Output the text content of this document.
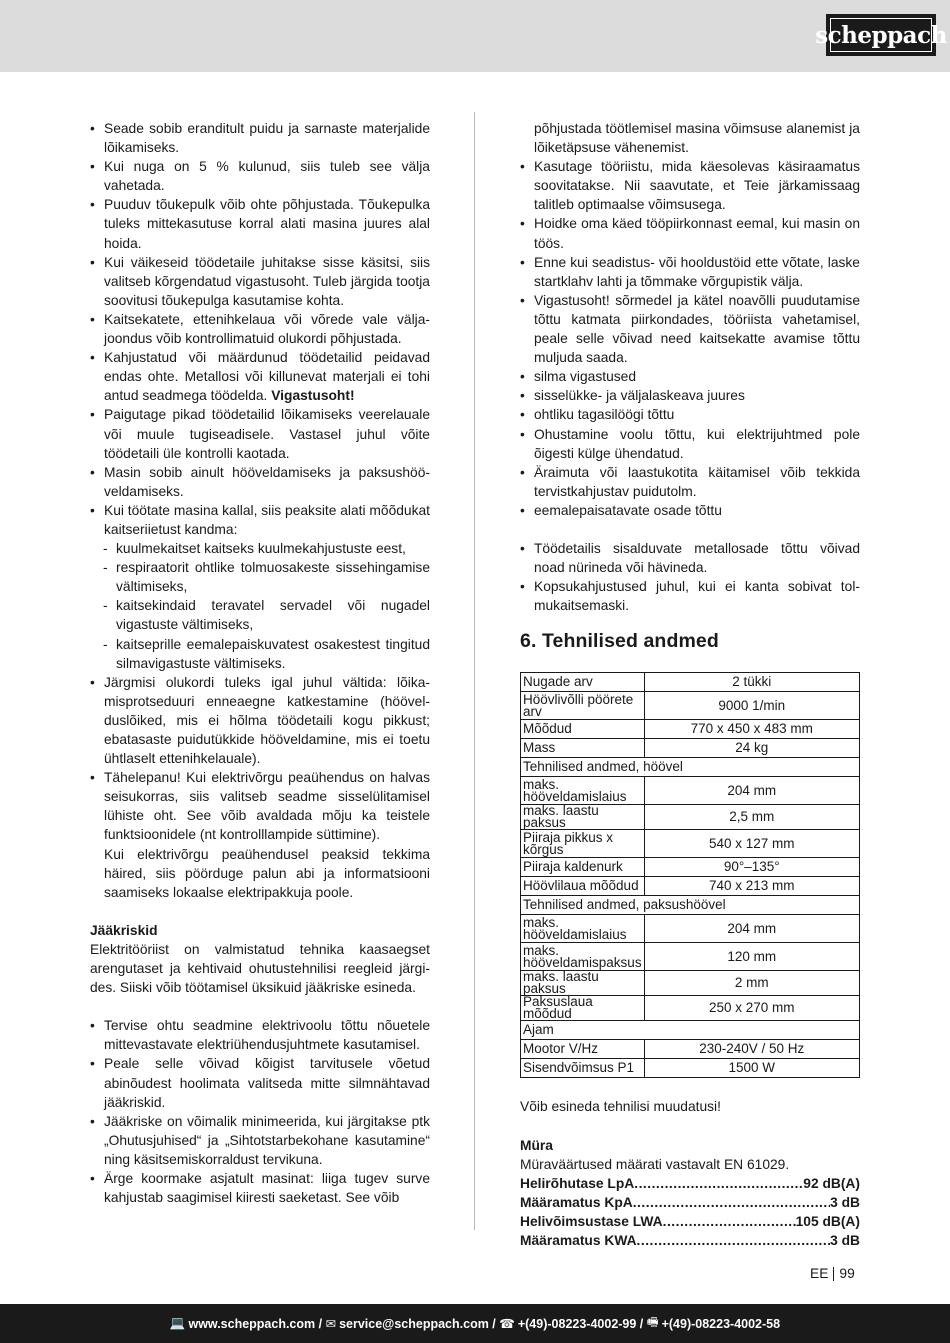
scheppach
• Seade sobib eranditult puidu ja sarnaste materjalide lõikamiseks.
• Kui nuga on 5 % kulunud, siis tuleb see välja vahetada.
• Puuduv tõukepulk võib ohte põhjustada. Tõukepulka tuleks mittekasutuse korral alati masina juures alal hoida.
• Kui väikeseid töödetaile juhitakse sisse käsitsi, siis valitseb kõrgendatud vigastusoht. Tuleb järgida tootja soovitusi tõukepulga kasutamise kohta.
• Kaitsekatete, ettenihkelaua või võrede vale väljajoondus võib kontrollimatuid olukordi põhjustada.
• Kahjustatud või määrdunud töödetailid peidavad endas ohte. Metallosi või killunevat materjali ei tohi antud seadmega töödelda. Vigastusoht!
• Paigutage pikad töödetailid lõikamiseks veerelauale või muule tugiseadisele. Vastasel juhul võite töödetaili üle kontrolli kaotada.
• Masin sobib ainult hööveldamiseks ja paksushööveldamiseks.
• Kui töötate masina kallal, siis peaksite alati mõõdukat kaitseriietust kandma:
- kuulmekaitset kaitseks kuulmekahjustuste eest,
- respiraatorit ohtlike tolmuosakeste sissehingamise vältimiseks,
- kaitsekindaid teravatel servadel või nugadel vigastuste vältimiseks,
- kaitseprille eemalepaiskuvatest osakestest tingitud silmavigastuste vältimiseks.
• Järgmisi olukordi tuleks igal juhul vältida: lõikamisprotseduuri enneaegne katkestamine (höövelduslõiked, mis ei hõlma töödetaili kogu pikkust; ebatasaste puidutükkide hööveldamine, mis ei toetu ühtlaselt ettenihkelauale).
• Tähelepanu! Kui elektrivõrgu peaühendus on halvas seisukorras, siis valitseb seadme sisselülitamisel lühiste oht. See võib avaldada mõju ka teistele funktsioonidele (nt kontrolllampide süttimine).

Kui elektrivõrgu peaühendusel peaksid tekkima häired, siis pöörduge palun abi ja informatsiooni saamiseks lokaalse elektripakkuja poole.

Jääkriskid

Elektritööriist on valmistatud tehnika kaasaegset arengutaset ja kehtivaid ohutustehnilisi reegleid järgides. Siiski võib töötamisel üksikuid jääkriske esineda.

• Tervise ohtu seadmine elektrivoolu tõttu nõuetele mittevastavate elektriühendusjuhtmete kasutamisel.
• Peale selle võivad kõigist tarvitusele võetud abinõudest hoolimata valitseda mitte silmnähtavad jääkriskid.
• Jääkriske on võimalik minimeerida, kui järgitakse ptk „Ohutusjuhised“ ja „Sihtotstarbekohane kasutamine“ ning käsitsemiskorraldust tervikuna.
• Ärge koormake asjatult masinat: liiga tugev surve kahjustab saagimisel kiiresti saeketast. See võib

põhjustada töötlemisel masina võimsuse alanemist ja lõiketäpsuse vähenemist.

• Kasutage tööriistu, mida käesolevas käsiraamatus soovitatakse. Nii saavutate, et Teie järkamissaag talitleb optimaalse võimsusega.
• Hoidke oma käed tööpiirkonnast eemal, kui masin on töös.
• Enne kui seadistus- või hooldustöid ette võtate, laske startklahv lahti ja tõmmake võrgupistik välja.
• Vigastusoht! sõrmedel ja kätel noavõlli puudutamise tõttu katmata piirkondades, tööriista vahetamisel, peale selle võivad need kaitsekatte avamise tõttu muljuda saada.
• silma vigastused
• sisselükke- ja väljalaskeava juures
• ohtliku tagasilöögi tõttu
• Ohustamine voolu tõttu, kui elektrijuhtmed pole õigesti külge ühendatud.
• Äraimuta või laastukotita käitamisel võib tekkida tervistkahjustav puidutolm.
• eemalepaisatavate osade tõttu
• Töödetailis sisalduvate metallosade tõttu võivad noad nürineda või hävineda.
• Kopsukahjustused juhul, kui ei kanta sobivat tolmukaitsemaski.
6. Tehnilised andmed
Nugade arv	2 tükki
Höövlivõlli pöörete arv	9000 1/min
Mõõdud	770 x 450 x 483 mm
Mass	24 kg
Tehnilised andmed, höövel	
maks. hööveldamislaius	204 mm
maks. laastu paksus	2,5 mm
Piiraja pikkus x kõrgus	540 x 127 mm
Piiraja kaldenurk	90°–135°
Höövlilaua mõõdud	740 x 213 mm
Tehnilised andmed, paksushöövel	
maks. hööveldamislaius	204 mm
maks. hööveldamispaksus	120 mm
maks. laastu paksus	2 mm
Paksuslaua mõõdud	250 x 270 mm
Ajam	
Mootor V/Hz	230-240V / 50 Hz
Sisendvõimsus P1	1500 W

Võib esineda tehnilisi muudatusi!

Müra

Müraväärtused määrati vastavalt EN 61029.

Helirõhutase LpA .....	92 dB(A)
Määramatus KpA .....	3 dB
Helivõimsustase LWA .....	105 dB(A)
Määramatus KWA .....	3 dB
EE 99
💻 www.scheppach.com /
✉ service@scheppach.com /
☎ +(49)-08223-4002-99 /
🖷 +(49)-08223-4002-58
